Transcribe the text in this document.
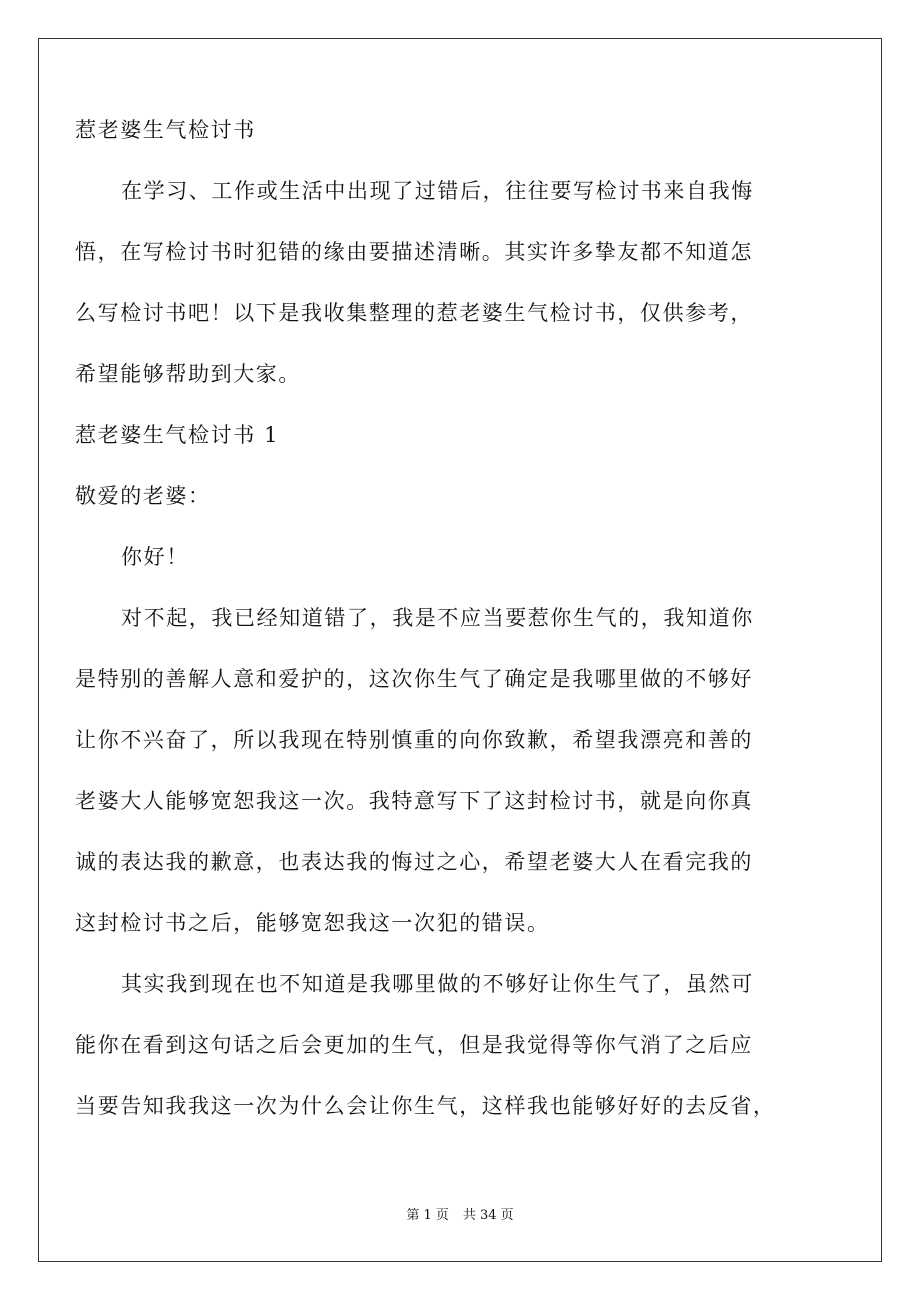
惹老婆生气检讨书
在学习、工作或生活中出现了过错后，往往要写检讨书来自我悔
悟，在写检讨书时犯错的缘由要描述清晰。其实许多挚友都不知道怎
么写检讨书吧！以下是我收集整理的惹老婆生气检讨书，仅供参考，
希望能够帮助到大家。
惹老婆生气检讨书 1
敬爱的老婆：
你好！
对不起，我已经知道错了，我是不应当要惹你生气的，我知道你
是特别的善解人意和爱护的，这次你生气了确定是我哪里做的不够好
让你不兴奋了，所以我现在特别慎重的向你致歉，希望我漂亮和善的
老婆大人能够宽恕我这一次。我特意写下了这封检讨书，就是向你真
诚的表达我的歉意，也表达我的悔过之心，希望老婆大人在看完我的
这封检讨书之后，能够宽恕我这一次犯的错误。
其实我到现在也不知道是我哪里做的不够好让你生气了，虽然可
能你在看到这句话之后会更加的生气，但是我觉得等你气消了之后应
当要告知我我这一次为什么会让你生气，这样我也能够好好的去反省，
第 1 页 共 34 页
